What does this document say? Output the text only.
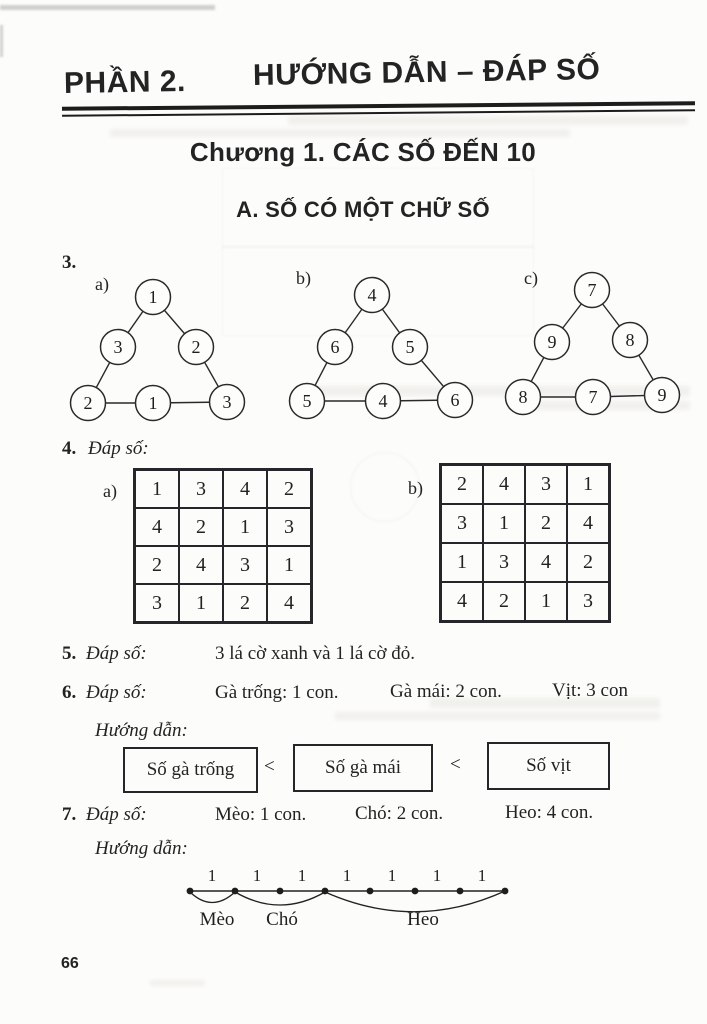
PHẦN 2. HƯỚNG DẪN – ĐÁP SỐ
Chương 1. CÁC SỐ ĐẾN 10
A. SỐ CÓ MỘT CHỮ SỐ
3.
a)	b)	c)
1
3	2
2	1	3
4
6	5
5	4	6
7
9	8
8	7	9
4. Đáp số:
a)	1	3	4	2
4	2	1	3
2	4	3	1
3	1	2	4
b)	2	4	3	1
3	1	2	4
1	3	4	2
4	2	1	3
5. Đáp số:	3 lá cờ xanh và 1 lá cờ đỏ.
6. Đáp số:	Gà trống: 1 con.	Gà mái: 2 con.	Vịt: 3 con
Hướng dẫn:
Số gà trống	<	Số gà mái	<	Số vịt
7. Đáp số:	Mèo: 1 con.	Chó: 2 con.	Heo: 4 con.
Hướng dẫn:
1 1 1 1 1 1 1
Mèo Chó	Heo
66
